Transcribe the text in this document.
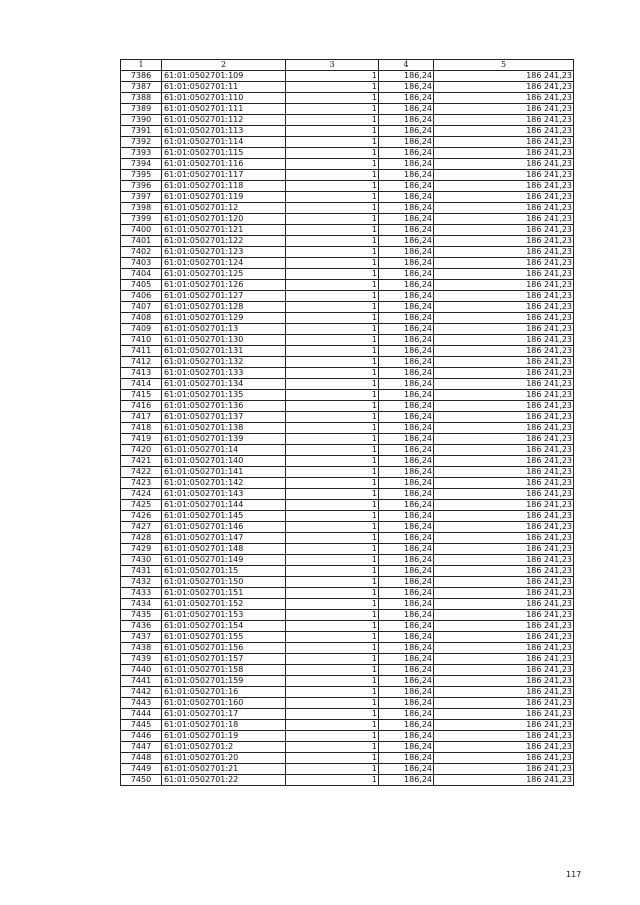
1	2	3	4	5
7386	61:01:0502701:109	1	186,24	186 241,23
7387	61:01:0502701:11	1	186,24	186 241,23
7388	61:01:0502701:110	1	186,24	186 241,23
7389	61:01:0502701:111	1	186,24	186 241,23
7390	61:01:0502701:112	1	186,24	186 241,23
7391	61:01:0502701:113	1	186,24	186 241,23
7392	61:01:0502701:114	1	186,24	186 241,23
7393	61:01:0502701:115	1	186,24	186 241,23
7394	61:01:0502701:116	1	186,24	186 241,23
7395	61:01:0502701:117	1	186,24	186 241,23
7396	61:01:0502701:118	1	186,24	186 241,23
7397	61:01:0502701:119	1	186,24	186 241,23
7398	61:01:0502701:12	1	186,24	186 241,23
7399	61:01:0502701:120	1	186,24	186 241,23
7400	61:01:0502701:121	1	186,24	186 241,23
7401	61:01:0502701:122	1	186,24	186 241,23
7402	61:01:0502701:123	1	186,24	186 241,23
7403	61:01:0502701:124	1	186,24	186 241,23
7404	61:01:0502701:125	1	186,24	186 241,23
7405	61:01:0502701:126	1	186,24	186 241,23
7406	61:01:0502701:127	1	186,24	186 241,23
7407	61:01:0502701:128	1	186,24	186 241,23
7408	61:01:0502701:129	1	186,24	186 241,23
7409	61:01:0502701:13	1	186,24	186 241,23
7410	61:01:0502701:130	1	186,24	186 241,23
7411	61:01:0502701:131	1	186,24	186 241,23
7412	61:01:0502701:132	1	186,24	186 241,23
7413	61:01:0502701:133	1	186,24	186 241,23
7414	61:01:0502701:134	1	186,24	186 241,23
7415	61:01:0502701:135	1	186,24	186 241,23
7416	61:01:0502701:136	1	186,24	186 241,23
7417	61:01:0502701:137	1	186,24	186 241,23
7418	61:01:0502701:138	1	186,24	186 241,23
7419	61:01:0502701:139	1	186,24	186 241,23
7420	61:01:0502701:14	1	186,24	186 241,23
7421	61:01:0502701:140	1	186,24	186 241,23
7422	61:01:0502701:141	1	186,24	186 241,23
7423	61:01:0502701:142	1	186,24	186 241,23
7424	61:01:0502701:143	1	186,24	186 241,23
7425	61:01:0502701:144	1	186,24	186 241,23
7426	61:01:0502701:145	1	186,24	186 241,23
7427	61:01:0502701:146	1	186,24	186 241,23
7428	61:01:0502701:147	1	186,24	186 241,23
7429	61:01:0502701:148	1	186,24	186 241,23
7430	61:01:0502701:149	1	186,24	186 241,23
7431	61:01:0502701:15	1	186,24	186 241,23
7432	61:01:0502701:150	1	186,24	186 241,23
7433	61:01:0502701:151	1	186,24	186 241,23
7434	61:01:0502701:152	1	186,24	186 241,23
7435	61:01:0502701:153	1	186,24	186 241,23
7436	61:01:0502701:154	1	186,24	186 241,23
7437	61:01:0502701:155	1	186,24	186 241,23
7438	61:01:0502701:156	1	186,24	186 241,23
7439	61:01:0502701:157	1	186,24	186 241,23
7440	61:01:0502701:158	1	186,24	186 241,23
7441	61:01:0502701:159	1	186,24	186 241,23
7442	61:01:0502701:16	1	186,24	186 241,23
7443	61:01:0502701:160	1	186,24	186 241,23
7444	61:01:0502701:17	1	186,24	186 241,23
7445	61:01:0502701:18	1	186,24	186 241,23
7446	61:01:0502701:19	1	186,24	186 241,23
7447	61:01:0502701:2	1	186,24	186 241,23
7448	61:01:0502701:20	1	186,24	186 241,23
7449	61:01:0502701:21	1	186,24	186 241,23
7450	61:01:0502701:22	1	186,24	186 241,23
117
